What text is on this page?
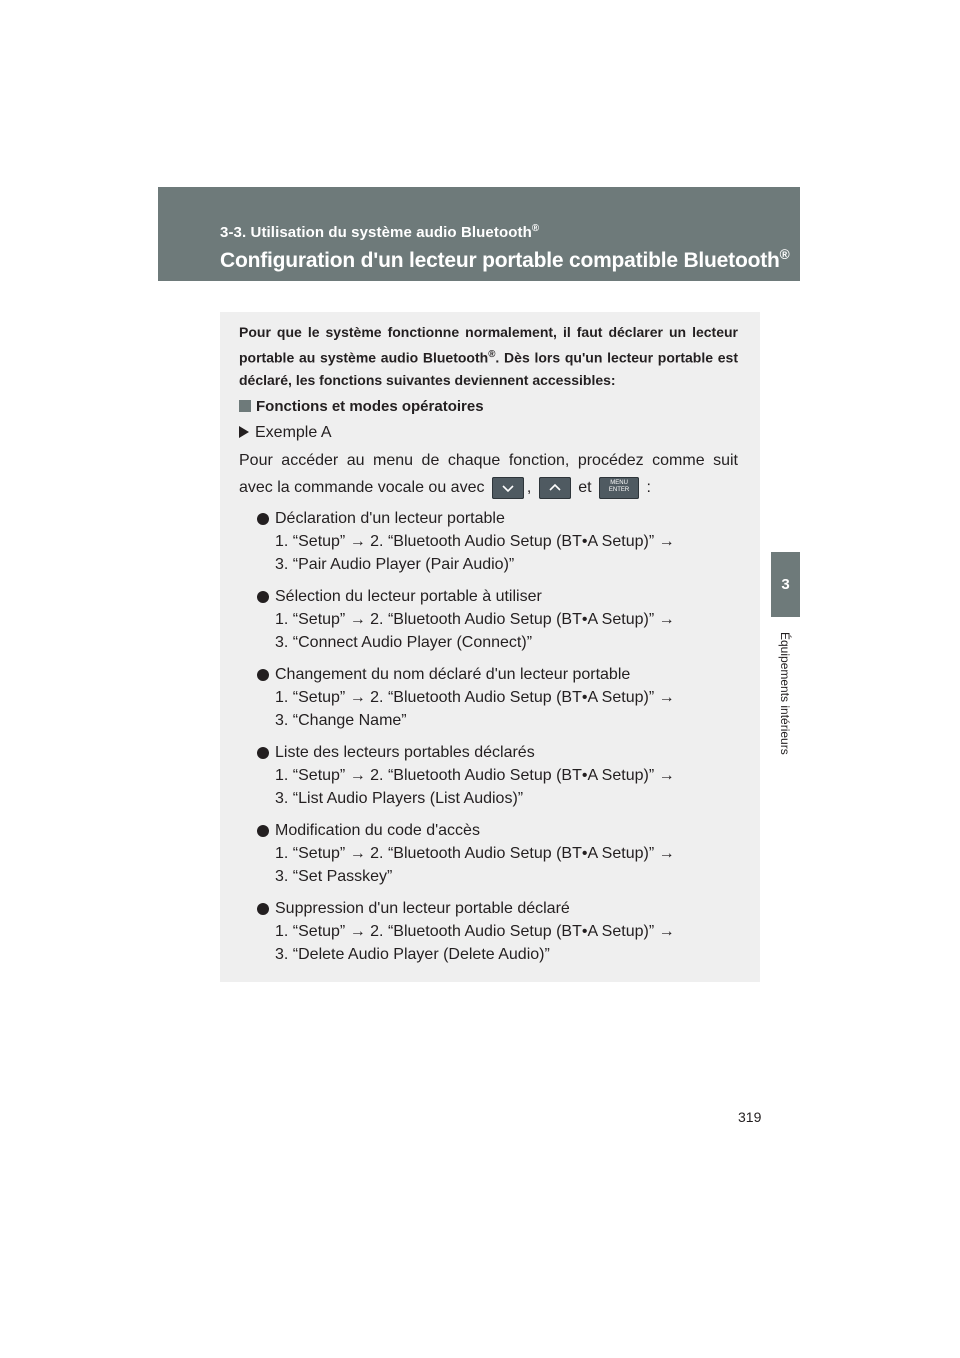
3-3. Utilisation du système audio Bluetooth®
Configuration d'un lecteur portable compatible Bluetooth®
3
Équipements intérieurs
Pour que le système fonctionne normalement, il faut déclarer un lecteur portable au système audio Bluetooth®. Dès lors qu'un lecteur portable est déclaré, les fonctions suivantes deviennent accessibles:
Fonctions et modes opératoires
Exemple A
Pour accéder au menu de chaque fonction, procédez comme suit
avec la commande vocale ou avec	,	et	MENU
ENTER :
Déclaration d'un lecteur portable
1. “Setup” → 2. “Bluetooth Audio Setup (BT•A Setup)” →
3. “Pair Audio Player (Pair Audio)”
Sélection du lecteur portable à utiliser
1. “Setup” → 2. “Bluetooth Audio Setup (BT•A Setup)” →
3. “Connect Audio Player (Connect)”
Changement du nom déclaré d'un lecteur portable
1. “Setup” → 2. “Bluetooth Audio Setup (BT•A Setup)” →
3. “Change Name”
Liste des lecteurs portables déclarés
1. “Setup” → 2. “Bluetooth Audio Setup (BT•A Setup)” →
3. “List Audio Players (List Audios)”
Modification du code d'accès
1. “Setup” → 2. “Bluetooth Audio Setup (BT•A Setup)” →
3. “Set Passkey”
Suppression d'un lecteur portable déclaré
1. “Setup” → 2. “Bluetooth Audio Setup (BT•A Setup)” →
3. “Delete Audio Player (Delete Audio)”
319
